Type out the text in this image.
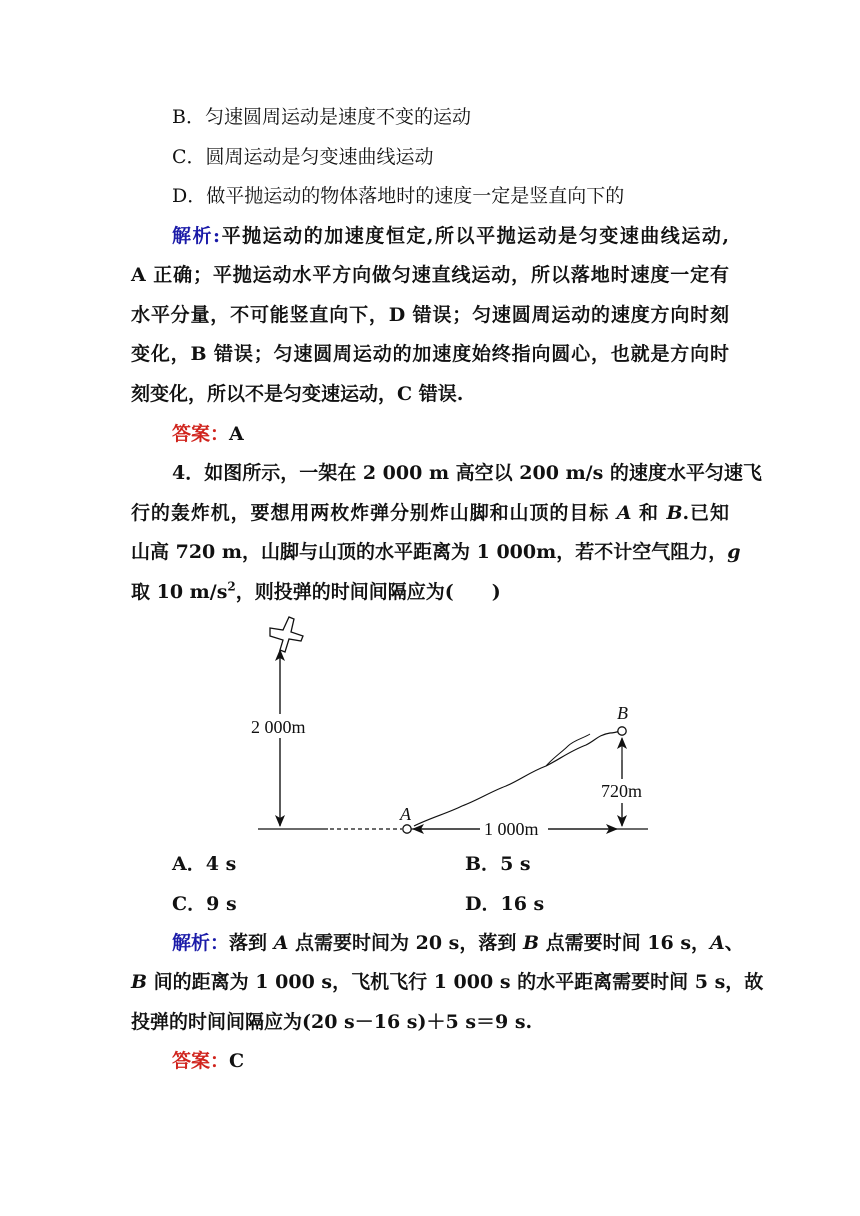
B．匀速圆周运动是速度不变的运动
C．圆周运动是匀变速曲线运动
D．做平抛运动的物体落地时的速度一定是竖直向下的
解析:平抛运动的加速度恒定,所以平抛运动是匀变速曲线运动,
A 正确；平抛运动水平方向做匀速直线运动，所以落地时速度一定有
水平分量，不可能竖直向下，D 错误；匀速圆周运动的速度方向时刻
变化，B 错误；匀速圆周运动的加速度始终指向圆心，也就是方向时
刻变化，所以不是匀变速运动，C 错误.
答案：A
4．如图所示，一架在 2 000 m 高空以 200 m/s 的速度水平匀速飞
行的轰炸机，要想用两枚炸弹分别炸山脚和山顶的目标 A 和 B.已知
山高 720 m，山脚与山顶的水平距离为 1 000m，若不计空气阻力，g
取 10 $m/s^2$，则投弹的时间间隔应为(　　)
2 000m
720m
1 000m
A
B
A．4 s	B．5 s
C．9 s	D．16 s
解析：落到 A 点需要时间为 20 s，落到 B 点需要时间 16 s，A、
B 间的距离为 1 000 s，飞机飞行 1 000 s 的水平距离需要时间 5 s，故
投弹的时间间隔应为(20 s－16 s)＋5 s＝9 s.
答案：C
